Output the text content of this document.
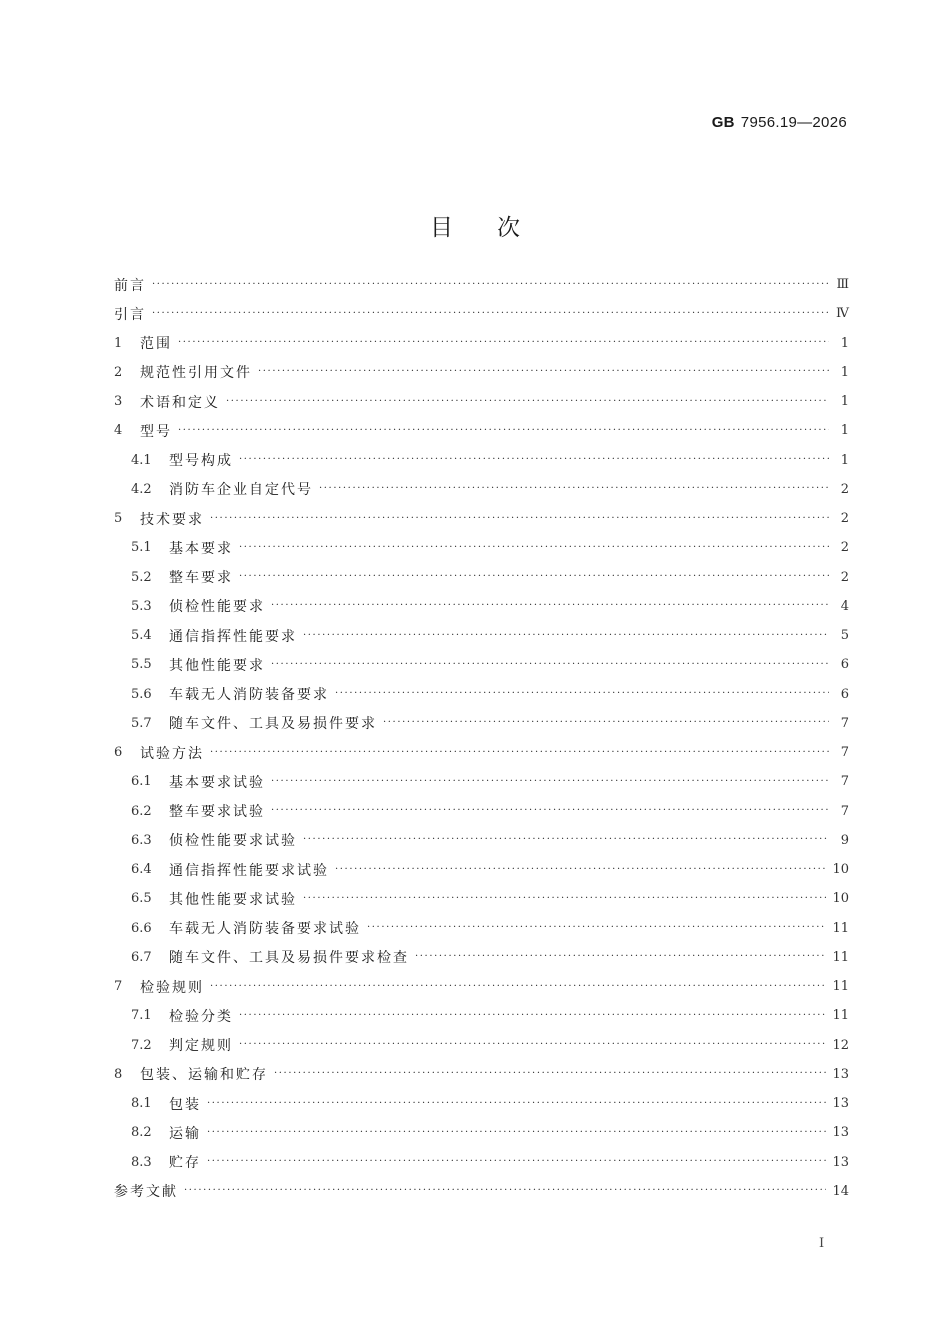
GB 7956.19—2026
目次
前言 ·····	Ⅲ
引言 ·····	Ⅳ
1	范围 ·····	1
2	规范性引用文件 ·····	1
3	术语和定义 ·····	1
4	型号 ·····	1
4.1	型号构成 ·····	1
4.2	消防车企业自定代号 ·····	2
5	技术要求 ·····	2
5.1	基本要求 ·····	2
5.2	整车要求 ·····	2
5.3	侦检性能要求 ·····	4
5.4	通信指挥性能要求 ·····	5
5.5	其他性能要求 ·····	6
5.6	车载无人消防装备要求 ·····	6
5.7	随车文件、工具及易损件要求 ·····	7
6	试验方法 ·····	7
6.1	基本要求试验 ·····	7
6.2	整车要求试验 ·····	7
6.3	侦检性能要求试验 ·····	9
6.4	通信指挥性能要求试验 ·····	10
6.5	其他性能要求试验 ·····	10
6.6	车载无人消防装备要求试验 ·····	11
6.7	随车文件、工具及易损件要求检查 ·····	11
7	检验规则 ·····	11
7.1	检验分类 ·····	11
7.2	判定规则 ·····	12
8	包装、运输和贮存 ·····	13
8.1	包装 ·····	13
8.2	运输 ·····	13
8.3	贮存 ·····	13
参考文献 ·····	14
I
